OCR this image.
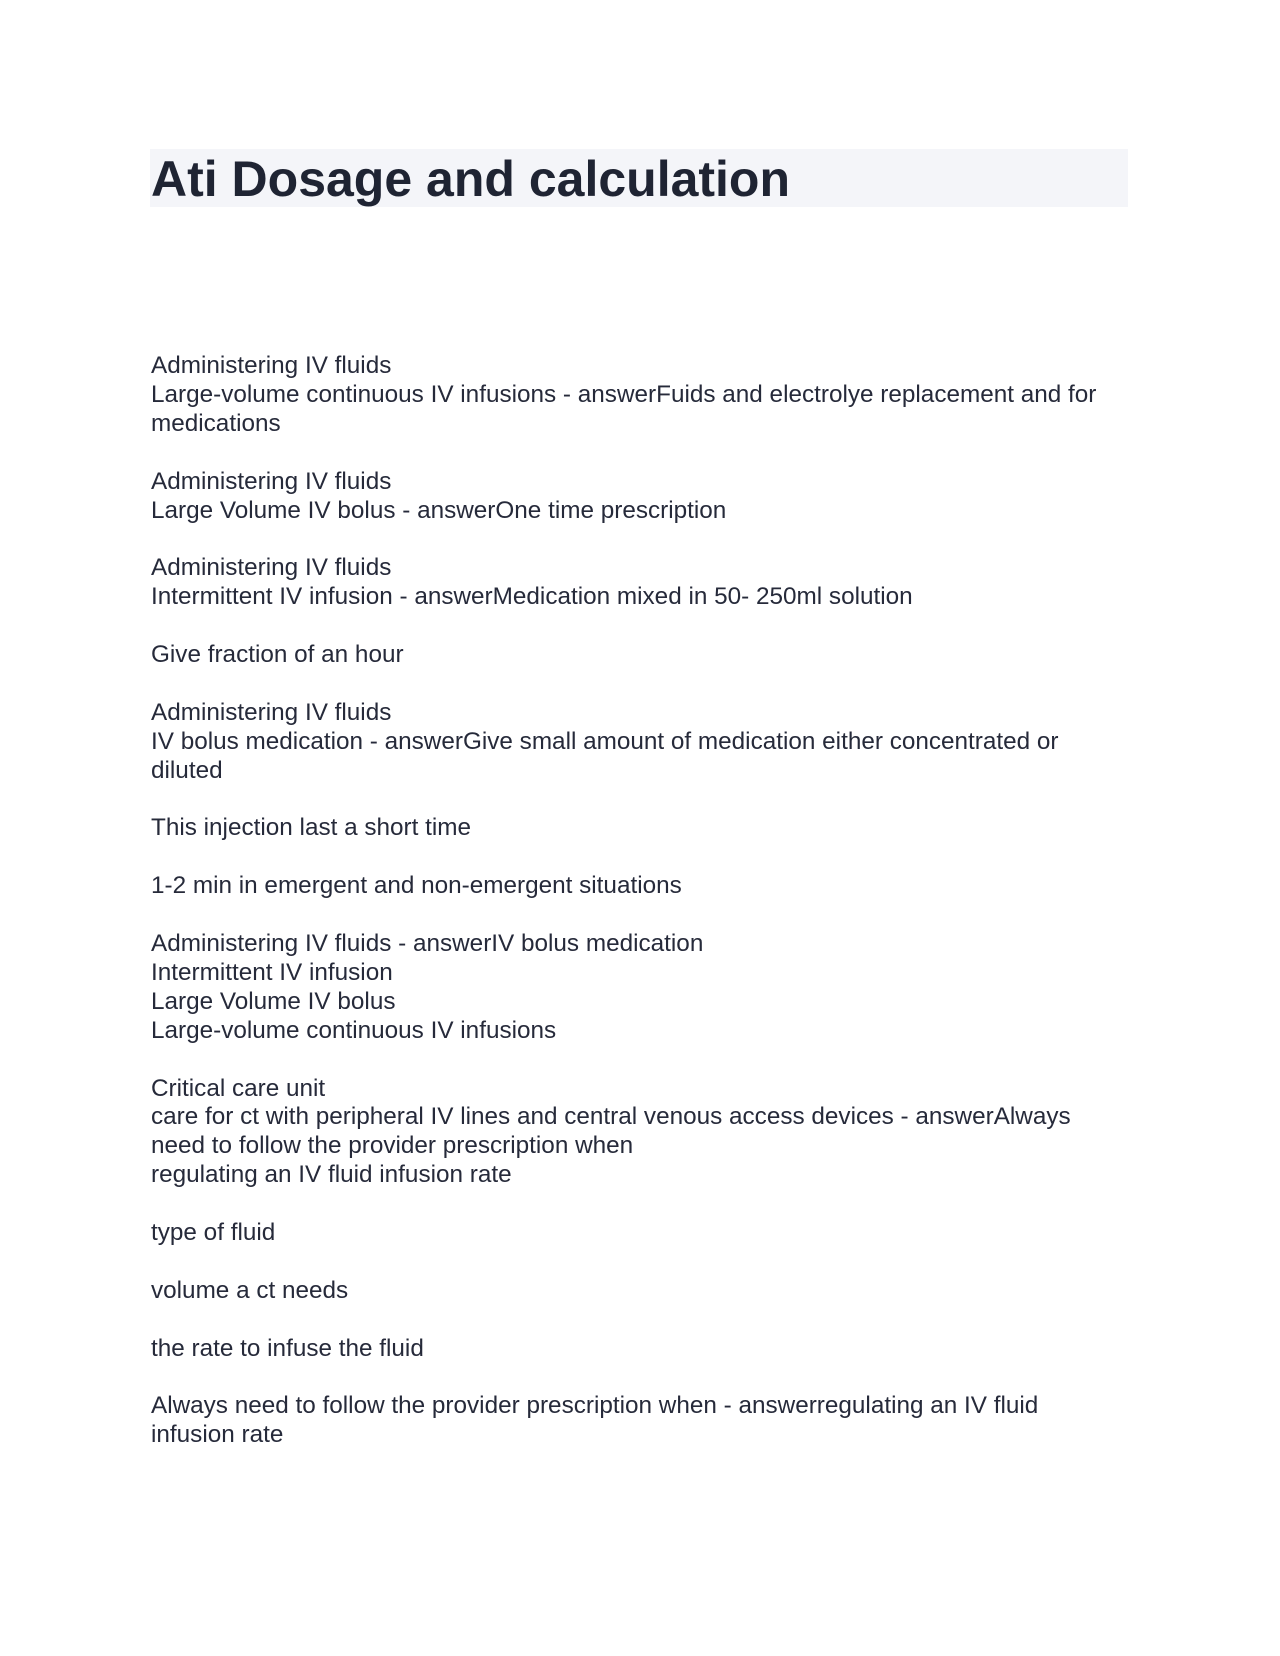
Ati Dosage and calculation
Administering IV fluids
Large-volume continuous IV infusions - answerFuids and electrolye replacement and for
medications
Administering IV fluids
Large Volume IV bolus - answerOne time prescription
Administering IV fluids
Intermittent IV infusion - answerMedication mixed in 50- 250ml solution
Give fraction of an hour
Administering IV fluids
IV bolus medication - answerGive small amount of medication either concentrated or
diluted
This injection last a short time
1-2 min in emergent and non-emergent situations
Administering IV fluids - answerIV bolus medication
Intermittent IV infusion
Large Volume IV bolus
Large-volume continuous IV infusions
Critical care unit
care for ct with peripheral IV lines and central venous access devices - answerAlways
need to follow the provider prescription when
regulating an IV fluid infusion rate
type of fluid
volume a ct needs
the rate to infuse the fluid
Always need to follow the provider prescription when - answerregulating an IV fluid
infusion rate
